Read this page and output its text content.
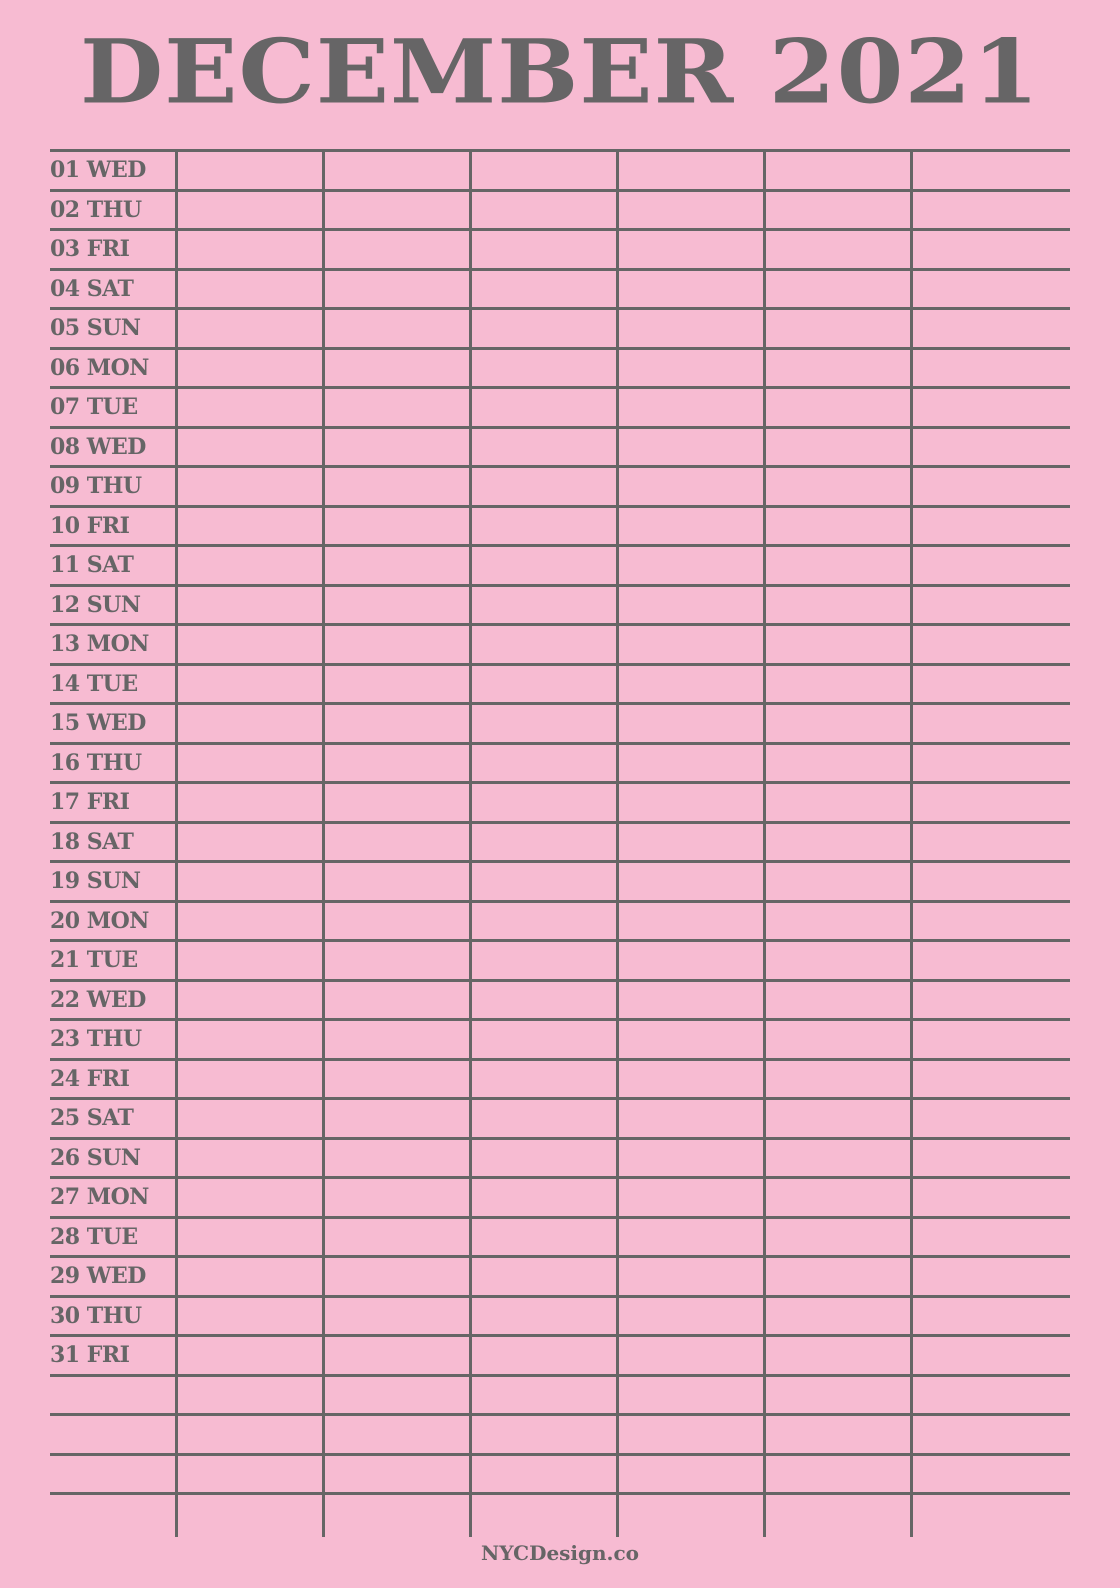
DECEMBER 2021
01 WED
02 THU
03 FRI
04 SAT
05 SUN
06 MON
07 TUE
08 WED
09 THU
10 FRI
11 SAT
12 SUN
13 MON
14 TUE
15 WED
16 THU
17 FRI
18 SAT
19 SUN
20 MON
21 TUE
22 WED
23 THU
24 FRI
25 SAT
26 SUN
27 MON
28 TUE
29 WED
30 THU
31 FRI
NYCDesign.co
